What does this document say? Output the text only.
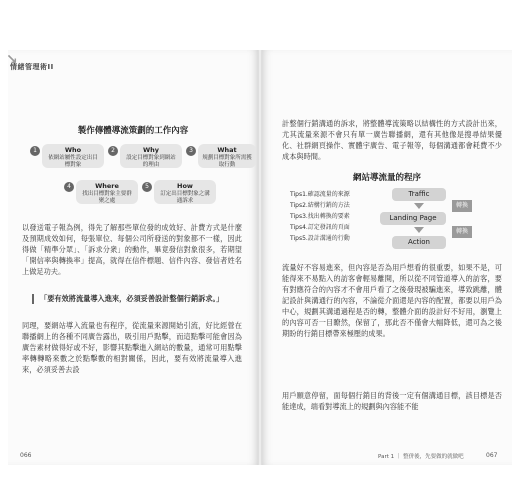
↘
情緒管理術II
製作傳體導流策劃的工作內容
1	Who
依網站屬性設定出目標對象
2	Why
設定目標對象到網站的理由
3	What
規劃目標對象所需獲取行動
4	Where
找出目標對象主要群聚之處
5	How
訂定出目標對象之溝通訴求
以發送電子報為例，得先了解那些單位發的成效好、計費方式是什麼及預期成效如何，每張單位、每個公司所發送的對象都不一樣，因此得做「精準分眾」、「訴求分衆」的動作，畢竟發信對象很多，若期望「開信率與轉換率」提高，就得在信件標題、信件內容、發信者姓名上做足功夫。
「要有效將流量導入進來，必須妥善設計整個行銷訴求。」
同理，要網站導入流量也有程序，從流量來源開始引流，好比經營在聯播網上的各種不同廣告露出，吸引用戶點擊，而這點擊可能會因為廣告素材做得好或不好，影響其點擊進入網站的數量，通常可用點擊率轉轉略來數之於點擊數的相對關係，因此，要有效將流量導入進來，必須妥善去設
066
計整個行銷溝通的訴求，將整體導流策略以結構性的方式設計出來，尤其流量來源不會只有單一廣告聯播網，還有其他像是搜尋結果優化、社群網頁操作、實體宇廣告、電子報等，每個溝通都會耗費不少成本與時間。
網站導流量的程序
Tips1.確認流量的來源
Tips2.結構行銷的方法
Tips3.找出轉換的要素
Tips4.訂定發訊的頁面
Tips5.設計溝通的行動
Traffic
Landing Page
Action
轉換
轉換
流量好不容易進來，但內容是否為用戶想看的很重要，如果不是，可能得來不易點入的訪客會輕易離開，所以從不同管道導入的訪客，要有對應符合的內容才不會用戶看了之後發現被騙進來，導致跳離，體記設計與溝通行的內容，不論從介面還是內容的配置，都要以用戶為中心，規劃其溝通過程是否的轉，整體介面的設計好不好用，瀏覽上的內容可否一目瞭然，保留了，那此否不僅會大幅降低，還可為之後期盼的行銷目標帶來極壓的成果。
用戶願意停留，面每個行銷目的背後一定有個溝通目標，該目標是否能達成，端看對導流上的規劃與內容能不能
Part 1 ｜ 整併後，先要做的就做吧	067
